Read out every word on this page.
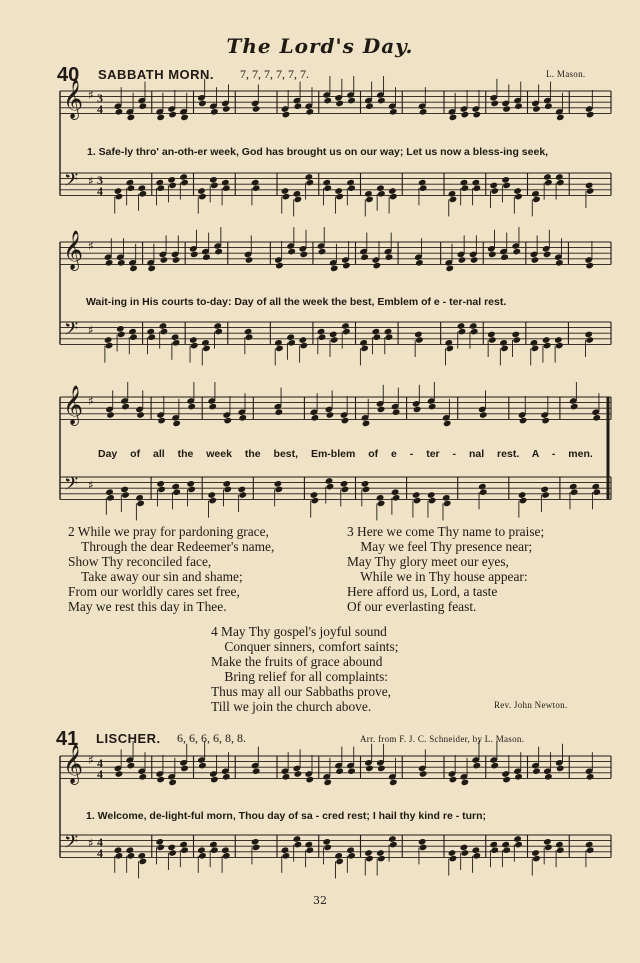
The Lord's Day.
40 SABBATH MORN. 7, 7, 7, 7, 7, 7.	L. Mason.
𝄞
𝄢
♯
♯
3
4
3
4
𝄞
𝄢
♯
♯
𝄞
𝄢
♯
♯
𝄞
𝄢
♯
♯
4
4
4
4
1. Safe-ly thro' an-oth-er week, God has brought us on our way; Let us now a bless-ing seek,
Wait-ing in His courts to-day: Day of all the week the best, Emblem of e - ter-nal rest.
Day of all the week the best, Em-blem of e - ter - nal rest. A - men.
2 While we pray for pardoning grace,
Through the dear Redeemer's name,
Show Thy reconciled face,
Take away our sin and shame;
From our worldly cares set free,
May we rest this day in Thee.
3 Here we come Thy name to praise;
May we feel Thy presence near;
May Thy glory meet our eyes,
While we in Thy house appear:
Here afford us, Lord, a taste
Of our everlasting feast.
4 May Thy gospel's joyful sound
Conquer sinners, comfort saints;
Make the fruits of grace abound
Bring relief for all complaints:
Thus may all our Sabbaths prove,
Till we join the church above.	Rev. John Newton.
41 LISCHER. 6, 6, 6, 6, 8, 8.	Arr. from F. J. C. Schneider, by L. Mason.
1. Welcome, de-light-ful morn, Thou day of sa - cred rest; I hail thy kind re - turn;
32
